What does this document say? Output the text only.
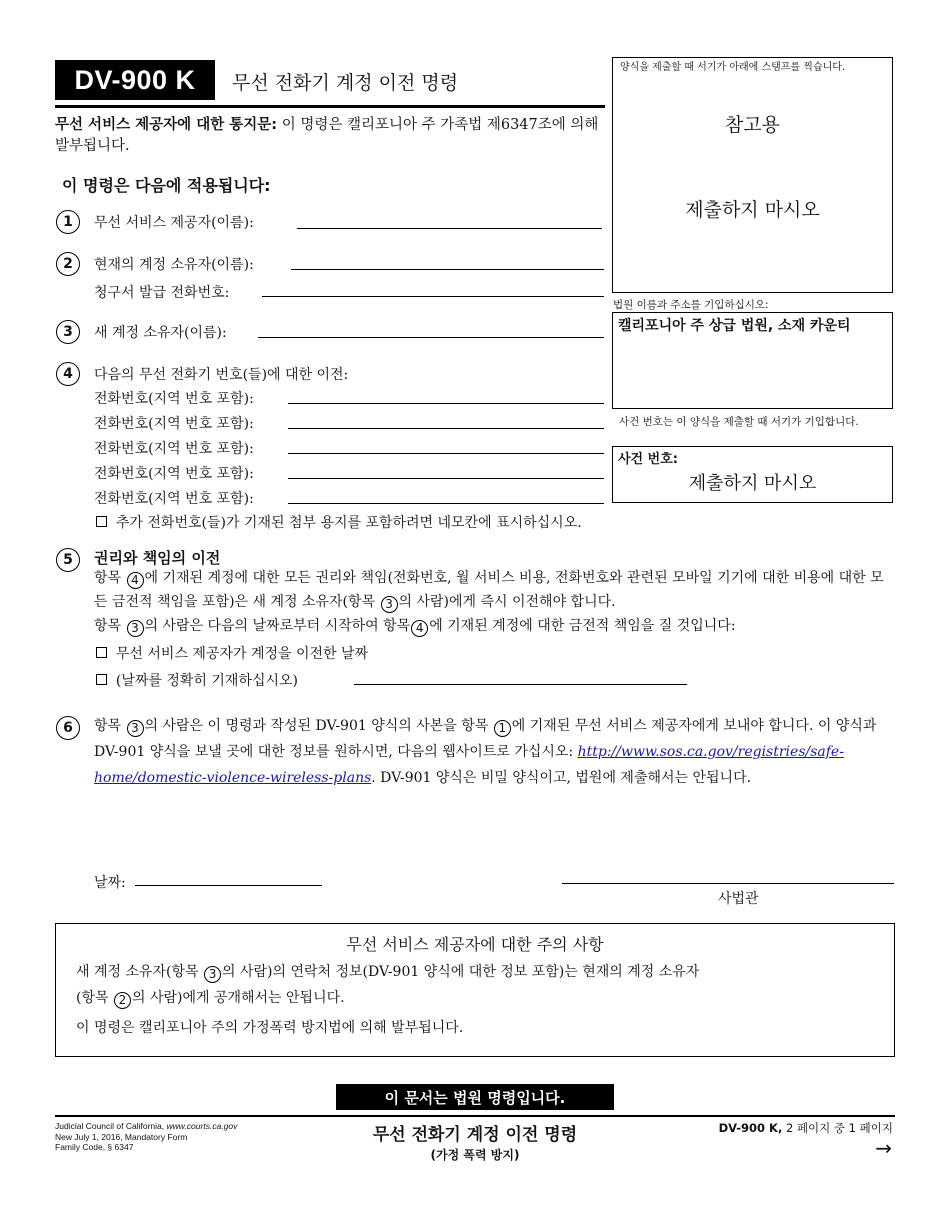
DV-900 K	무선 전화기 계정 이전 명령
무선 서비스 제공자에 대한 통지문: 이 명령은 캘리포니아 주 가족법 제6347조에 의해 발부됩니다.
이 명령은 다음에 적용됩니다:
1	무선 서비스 제공자(이름):
2	현재의 계정 소유자(이름):
청구서 발급 전화번호:
3	새 계정 소유자(이름):
4	다음의 무선 전화기 번호(들)에 대한 이전:
전화번호(지역 번호 포함):
전화번호(지역 번호 포함):
전화번호(지역 번호 포함):
전화번호(지역 번호 포함):
전화번호(지역 번호 포함):
추가 전화번호(들)가 기재된 첨부 용지를 포함하려면 네모칸에 표시하십시오.
5	권리와 책임의 이전
항목 4 에 기재된 계정에 대한 모든 권리와 책임(전화번호, 월 서비스 비용, 전화번호와 관련된 모바일 기기에 대한 비용에 대한 모든 금전적 책임을 포함)은 새 계정 소유자(항목 3 의 사람)에게 즉시 이전해야 합니다.
항목 3 의 사람은 다음의 날짜로부터 시작하여 항목 4 에 기재된 계정에 대한 금전적 책임을 질 것입니다:
무선 서비스 제공자가 계정을 이전한 날짜
(날짜를 정확히 기재하십시오)
6	항목 3 의 사람은 이 명령과 작성된 DV-901 양식의 사본을 항목 1 에 기재된 무선 서비스 제공자에게 보내야 합니다. 이 양식과 DV-901 양식을 보낼 곳에 대한 정보를 원하시면, 다음의 웹사이트로 가십시오: http://www.sos.ca.gov/registries/safe-home/domestic-violence-wireless-plans. DV-901 양식은 비밀 양식이고, 법원에 제출해서는 안됩니다.
날짜:
사법관
양식을 제출할 때 서기가 아래에 스탬프를 찍습니다.
참고용
제출하지 마시오
법원 이름과 주소를 기입하십시오:
캘리포니아 주 상급 법원, 소재 카운티
사건 번호는 이 양식을 제출할 때 서기가 기입합니다.
사건 번호:
제출하지 마시오
무선 서비스 제공자에 대한 주의 사항
새 계정 소유자(항목 3 의 사람)의 연락처 정보(DV-901 양식에 대한 정보 포함)는 현재의 계정 소유자
(항목 2 의 사람)에게 공개해서는 안됩니다.
이 명령은 캘리포니아 주의 가정폭력 방지법에 의해 발부됩니다.
이 문서는 법원 명령입니다.
Judicial Council of California, www.courts.ca.gov
New July 1, 2016, Mandatory Form
Family Code, § 6347
무선 전화기 계정 이전 명령
(가정 폭력 방지)
DV-900 K, 2 페이지 중 1 페이지
→
